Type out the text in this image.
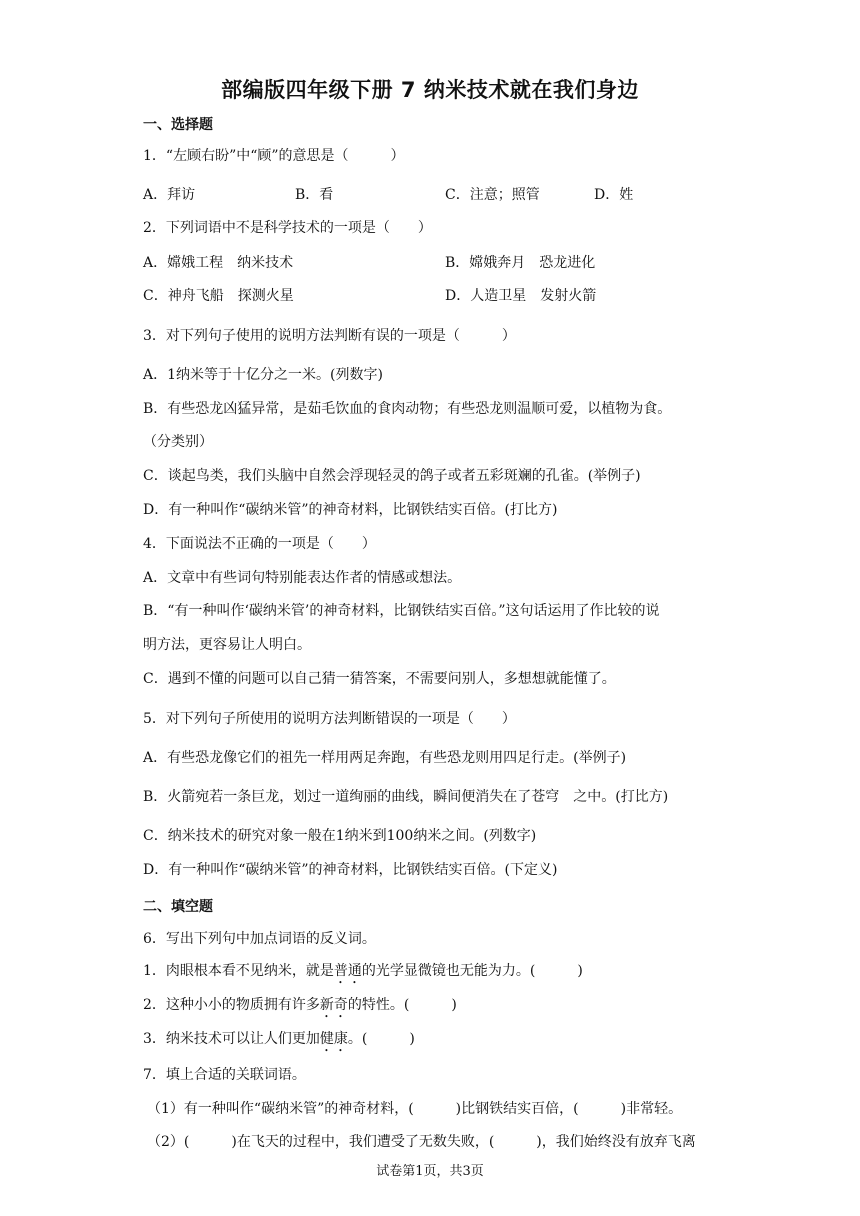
部编版四年级下册 7 纳米技术就在我们身边
一、选择题
1．“左顾右盼”中“顾”的意思是（　　　）
A．拜访	B．看	C．注意；照管	D．姓
2．下列词语中不是科学技术的一项是（　　）
A．嫦娥工程　纳米技术	B．嫦娥奔月　恐龙进化
C．神舟飞船　探测火星	D．人造卫星　发射火箭
3．对下列句子使用的说明方法判断有误的一项是（　　　）
A．1纳米等于十亿分之一米。(列数字)
B．有些恐龙凶猛异常，是茹毛饮血的食肉动物；有些恐龙则温顺可爱，以植物为食。
（分类别）
C．谈起鸟类，我们头脑中自然会浮现轻灵的鸽子或者五彩斑斓的孔雀。(举例子)
D．有一种叫作“碳纳米管”的神奇材料，比钢铁结实百倍。(打比方)
4．下面说法不正确的一项是（　　）
A．文章中有些词句特别能表达作者的情感或想法。
B．“有一种叫作‘碳纳米管’的神奇材料，比钢铁结实百倍。”这句话运用了作比较的说
明方法，更容易让人明白。
C．遇到不懂的问题可以自己猜一猜答案，不需要问别人，多想想就能懂了。
5．对下列句子所使用的说明方法判断错误的一项是（　　）
A．有些恐龙像它们的祖先一样用两足奔跑，有些恐龙则用四足行走。(举例子)
B．火箭宛若一条巨龙，划过一道绚丽的曲线，瞬间便消失在了苍穹　之中。(打比方)
C．纳米技术的研究对象一般在1纳米到100纳米之间。(列数字)
D．有一种叫作“碳纳米管”的神奇材料，比钢铁结实百倍。(下定义)
二、填空题
6．写出下列句中加点词语的反义词。
1．肉眼根本看不见纳米，就是普通的光学显微镜也无能为力。(　　　)
2．这种小小的物质拥有许多新奇的特性。(　　　)
3．纳米技术可以让人们更加健康。(　　　)
7．填上合适的关联词语。
（1）有一种叫作“碳纳米管”的神奇材料，(　　　)比钢铁结实百倍，(　　　)非常轻。
（2）(　　　)在飞天的过程中，我们遭受了无数失败，(　　　)，我们始终没有放弃飞离
试卷第1页，共3页
